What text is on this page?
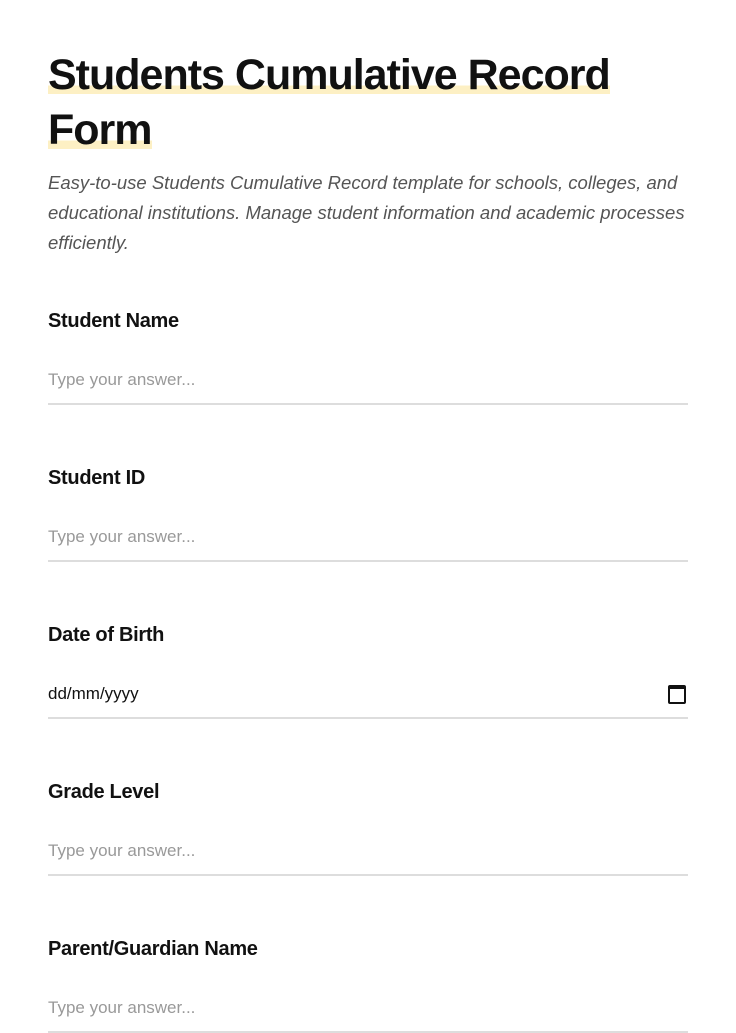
Students Cumulative Record Form
Easy-to-use Students Cumulative Record template for schools, colleges, and educational institutions. Manage student information and academic processes efficiently.
Student Name
Type your answer...
Student ID
Type your answer...
Date of Birth
dd/mm/yyyy
Grade Level
Type your answer...
Parent/Guardian Name
Type your answer...
